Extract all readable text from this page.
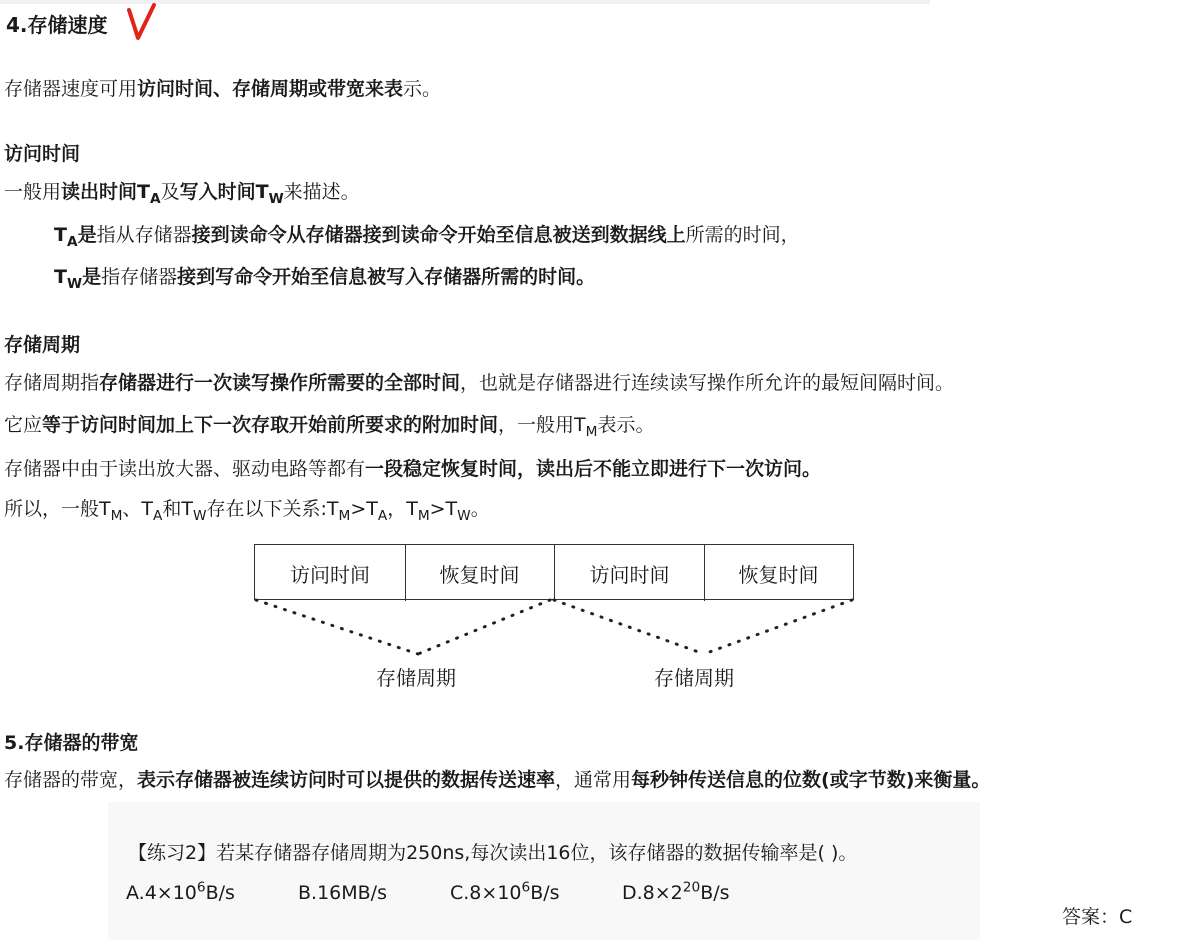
4.存储速度
存储器速度可用访问时间、存储周期或带宽来表示。
访问时间
一般用读出时间$T_A$及写入时间$T_W$来描述。
$T_A$是指从存储器接到读命令从存储器接到读命令开始至信息被送到数据线上所需的时间，
$T_W$是指存储器接到写命令开始至信息被写入存储器所需的时间。
存储周期
存储周期指存储器进行一次读写操作所需要的全部时间，也就是存储器进行连续读写操作所允许的最短间隔时间。
它应等于访问时间加上下一次存取开始前所要求的附加时间，一般用$T_M$表示。
存储器中由于读出放大器、驱动电路等都有一段稳定恢复时间，读出后不能立即进行下一次访问。
所以，一般$T_M$、$T_A$和$T_W$存在以下关系$:T_M>T_A$，$T_M>T_W$。
访问时间	恢复时间	访问时间	恢复时间
存储周期	存储周期
5.存储器的带宽
存储器的带宽，表示存储器被连续访问时可以提供的数据传送速率，通常用每秒钟传送信息的位数(或字节数)来衡量。
【练习2】若某存储器存储周期为250ns,每次读出16位，该存储器的数据传输率是( )。
$A.4\times 10^6B/s$	B.16MB/s	$C.8\times 10^6B/s$	$D.8\times 2^{20}B/s$
答案：C
